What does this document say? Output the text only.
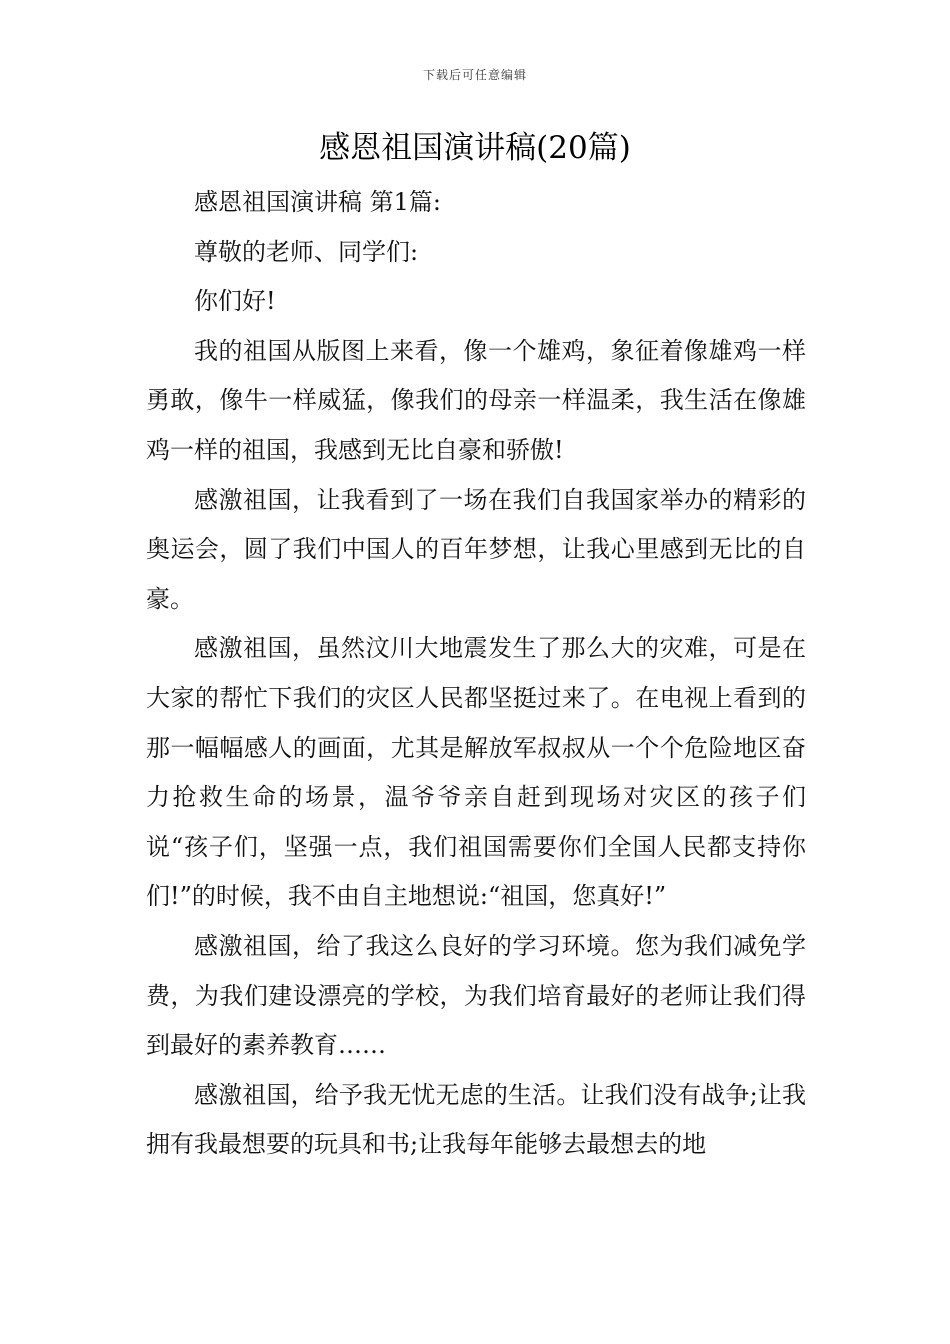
下载后可任意编辑
感恩祖国演讲稿(20篇)

感恩祖国演讲稿 第1篇:

尊敬的老师、同学们:

你们好!

我的祖国从版图上来看，像一个雄鸡，象征着像雄鸡一样勇敢，像牛一样威猛，像我们的母亲一样温柔，我生活在像雄鸡一样的祖国，我感到无比自豪和骄傲!

感激祖国，让我看到了一场在我们自我国家举办的精彩的奥运会，圆了我们中国人的百年梦想，让我心里感到无比的自豪。

感激祖国，虽然汶川大地震发生了那么大的灾难，可是在大家的帮忙下我们的灾区人民都坚挺过来了。在电视上看到的那一幅幅感人的画面，尤其是解放军叔叔从一个个危险地区奋力抢救生命的场景，温爷爷亲自赶到现场对灾区的孩子们说“孩子们，坚强一点，我们祖国需要你们全国人民都支持你们!”的时候，我不由自主地想说:“祖国，您真好!”

感激祖国，给了我这么良好的学习环境。您为我们减免学费，为我们建设漂亮的学校，为我们培育最好的老师让我们得到最好的素养教育……

感激祖国，给予我无忧无虑的生活。让我们没有战争;让我拥有我最想要的玩具和书;让我每年能够去最想去的地
